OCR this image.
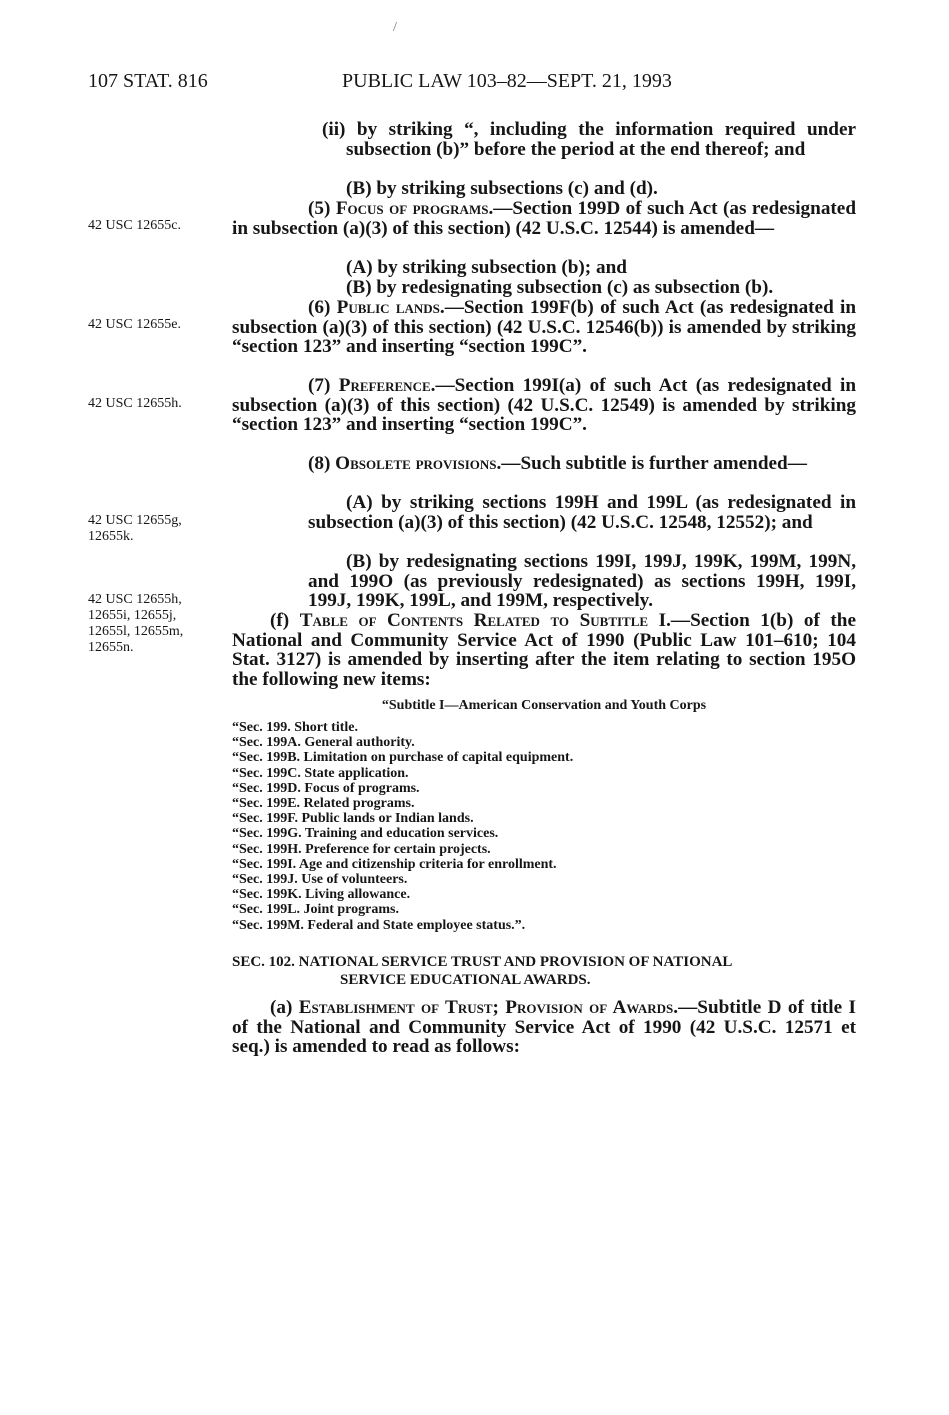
/
107 STAT. 816	PUBLIC LAW 103–82—SEPT. 21, 1993
42 USC 12655c.
42 USC 12655e.
42 USC 12655h.
42 USC 12655g, 12655k.
42 USC 12655h, 12655i, 12655j, 12655l, 12655m, 12655n.

(ii) by striking “, including the information required under subsection (b)” before the period at the end thereof; and

(B) by striking subsections (c) and (d).

(5) Focus of programs.—Section 199D of such Act (as redesignated in subsection (a)(3) of this section) (42 U.S.C. 12544) is amended—

(A) by striking subsection (b); and

(B) by redesignating subsection (c) as subsection (b).

(6) Public lands.—Section 199F(b) of such Act (as redesignated in subsection (a)(3) of this section) (42 U.S.C. 12546(b)) is amended by striking “section 123” and inserting “section 199C”.

(7) Preference.—Section 199I(a) of such Act (as redesignated in subsection (a)(3) of this section) (42 U.S.C. 12549) is amended by striking “section 123” and inserting “section 199C”.

(8) Obsolete provisions.—Such subtitle is further amended—

(A) by striking sections 199H and 199L (as redesignated in subsection (a)(3) of this section) (42 U.S.C. 12548, 12552); and

(B) by redesignating sections 199I, 199J, 199K, 199M, 199N, and 199O (as previously redesignated) as sections 199H, 199I, 199J, 199K, 199L, and 199M, respectively.

(f) Table of Contents Related to Subtitle I.—Section 1(b) of the National and Community Service Act of 1990 (Public Law 101–610; 104 Stat. 3127) is amended by inserting after the item relating to section 195O the following new items:

“Subtitle I—American Conservation and Youth Corps
“Sec. 199. Short title.
“Sec. 199A. General authority.
“Sec. 199B. Limitation on purchase of capital equipment.
“Sec. 199C. State application.
“Sec. 199D. Focus of programs.
“Sec. 199E. Related programs.
“Sec. 199F. Public lands or Indian lands.
“Sec. 199G. Training and education services.
“Sec. 199H. Preference for certain projects.
“Sec. 199I. Age and citizenship criteria for enrollment.
“Sec. 199J. Use of volunteers.
“Sec. 199K. Living allowance.
“Sec. 199L. Joint programs.
“Sec. 199M. Federal and State employee status.”.
SEC. 102. NATIONAL SERVICE TRUST AND PROVISION OF NATIONAL
SERVICE EDUCATIONAL AWARDS.

(a) Establishment of Trust; Provision of Awards.—Subtitle D of title I of the National and Community Service Act of 1990 (42 U.S.C. 12571 et seq.) is amended to read as follows:
